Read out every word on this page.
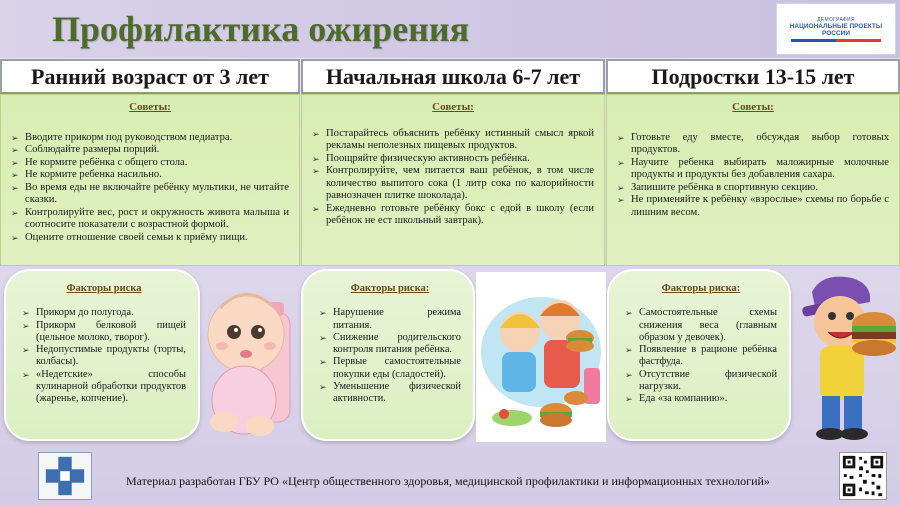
Профилактика ожирения	ДЕМОГРАФИЯ
НАЦИОНАЛЬНЫЕ ПРОЕКТЫ РОССИИ
Ранний возраст от 3 лет	Начальная школа 6-7 лет	Подростки 13-15 лет
Советы:
➢ Вводите прикорм под руководством педиатра.
➢ Соблюдайте размеры порций.
➢ Не кормите ребёнка с общего стола.
➢ Не кормите ребенка насильно.
➢ Во время еды не включайте ребёнку мультики, не читайте сказки.
➢ Контролируйте вес, рост и окружность живота малыша и соотносите показатели с возрастной формой.
➢ Оцените отношение своей семьи к приёму пищи.
Советы:
➢ Постарайтесь объяснить ребёнку истинный смысл яркой рекламы неполезных пищевых продуктов.
➢ Поощряйте физическую активность ребёнка.
➢ Контролируйте, чем питается ваш ребёнок, в том числе количество выпитого сока (1 литр сока по калорийности равнозначен плитке шоколада).
➢ Ежедневно готовьте ребёнку бокс с едой в школу (если ребёнок не ест школьный завтрак).
Советы:
➢ Готовьте еду вместе, обсуждая выбор готовых продуктов.
➢ Научите ребенка выбирать маложирные молочные продукты и продукты без добавления сахара.
➢ Запишите ребёнка в спортивную секцию.
➢ Не применяйте к ребёнку «взрослые» схемы по борьбе с лишним весом.
Факторы риска
➢ Прикорм до полугода.
➢ Прикорм белковой пищей (цельное молоко, творог).
➢ Недопустимые продукты (торты, колбасы).
➢ «Недетские» способы кулинарной обработки продуктов (жаренье, копчение).
Факторы риска:
➢ Нарушение режима питания.
➢ Снижение родительского контроля питания ребёнка.
➢ Первые самостоятельные покупки еды (сладостей).
➢ Уменьшение физической активности.
Факторы риска:
➢ Самостоятельные схемы снижения веса (главным образом у девочек).
➢ Появление в рационе ребёнка фастфуда.
➢ Отсутствие физической нагрузки.
➢ Еда «за компанию».
Материал разработан ГБУ РО «Центр общественного здоровья, медицинской профилактики и информационных технологий»
